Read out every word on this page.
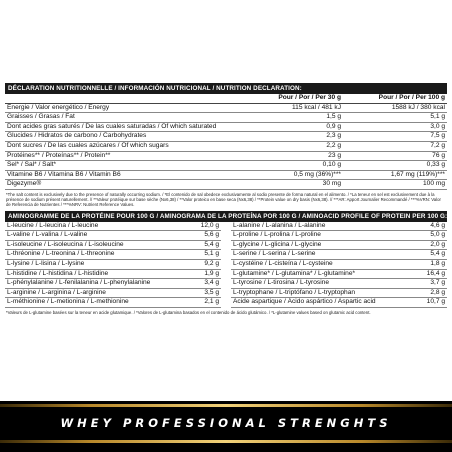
DÉCLARATION NUTRITIONNELLE / INFORMACIÓN NUTRICIONAL / NUTRITION DECLARATION:
	Pour / Por / Per 30 g	Pour / Por / Per 100 g
Énergie / Valor energético / Energy	115 kcal / 481 kJ	1588 kJ / 380 kcal
Graisses / Grasas / Fat	1,5 g	5,1 g
Dont acides gras saturés / De las cuales saturadas / Of which saturated	0,9 g	3,0 g
Glucides / Hidratos de carbono / Carbohydrates	2,3 g	7,5 g
Dont sucres / De las cuales azúcares / Of which sugars	2,2 g	7,2 g
Protéines** / Proteínas** / Protein**	23 g	76 g
Sel* / Sal* / Salt*	0,10 g	0,33 g
Vitamine B6 / Vitamina B6 / Vitamin B6	0,5 mg (36%)***	1,67 mg (119%)***
Digezyme®	30 mg	100 mg
*The salt content is exclusively due to the presence of naturally occurring sodium. / *El contenido de sal obedece exclusivamente al sodio presente de forma natural en el alimento. / *La teneur en sel est exclusivement due à la présence de sodium présent naturellement. // **Valeur protéique sur base sèche (Nx6,38) / **Valor proteico en base seca (Nx6,38) / **Protein value on dry basis (Nx6,38). // ***AR: Apport Journalier Recommandé / ***%VRN: Valor de Referencia de Nutrientes / ***%NRV: Nutrient Reference Values.
AMINOGRAMME DE LA PROTÉINE POUR 100 G / AMINOGRAMA DE LA PROTEÍNA POR 100 G / AMINOACID PROFILE OF PROTEIN PER 100 G:
L-leucine / L-leucina / L-leucine	12,0 g		L-alanine / L-alanina / L-alanine	4,6 g
L-valine / L-valina / L-valine	5,6 g		L-proline / L-prolina / L-proline	5,0 g
L-isoleucine / L-isoleucina / L-isoleucine	5,4 g		L-glycine / L-glicina / L-glycine	2,0 g
L-thréonine / L-treonina / L-threonine	5,1 g		L-serine / L-serina / L-serine	5,4 g
L-lysine / L-lisina / L-lysine	9,2 g		L-cystéine / L-cisteína / L-cysteine	1,8 g
L-histidine / L-histidina / L-histidine	1,9 g		L-glutamine* / L-glutamina* / L-glutamine*	16,4 g
L-phénylalanine / L-fenilalanina / L-phenylalanine	3,4 g		L-tyrosine / L-tirosina / L-tyrosine	3,7 g
L-arginine / L-arginina / L-arginine	3,5 g		L-tryptophane / L-triptófano / L-tryptophan	2,8 g
L-méthionine / L-metionina / L-methionine	2,1 g		Acide aspartique / Ácido aspártico / Aspartic acid	10,7 g
*Valeurs de L-glutamine basées sur la teneur en acide glutamique. / *Valores de L-glutamina basados en el contenido de ácido glutámico. / *L-glutamine values based on glutamic acid content.
WHEY PROFESSIONAL STRENGHTS
